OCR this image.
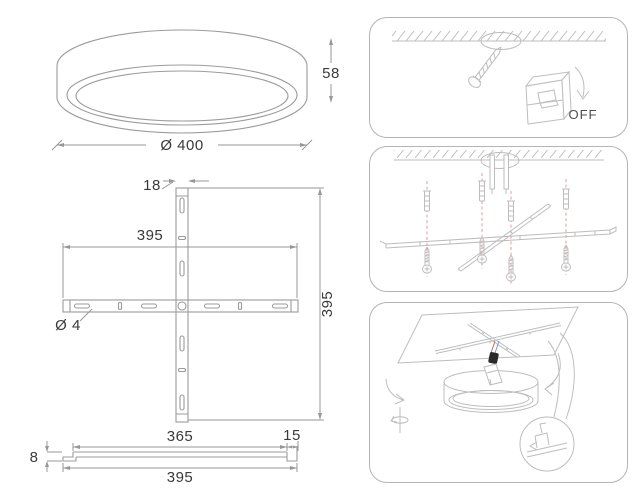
58
Ø 400
18
395
395
Ø 4
365	15
8
395
OFF
